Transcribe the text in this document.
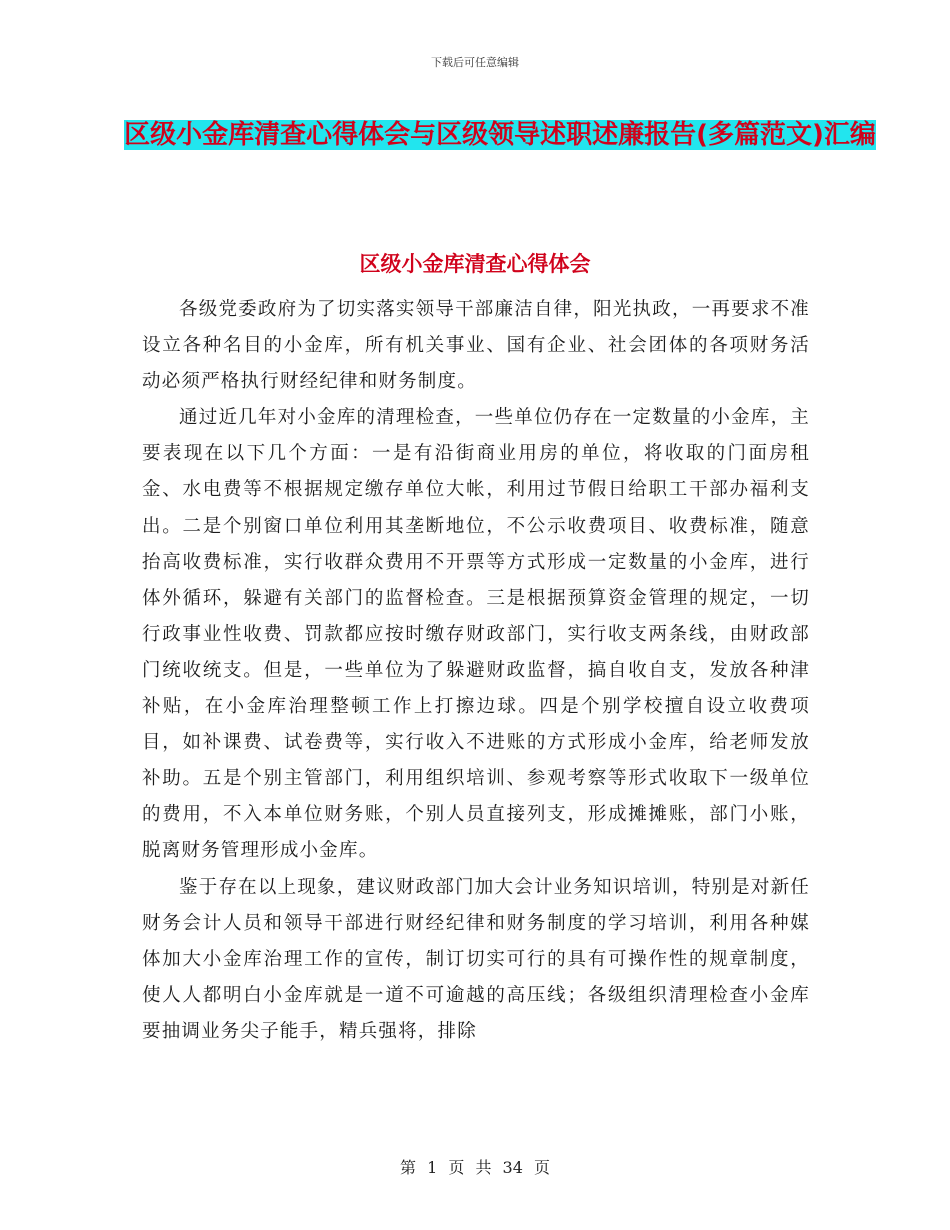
下载后可任意编辑
区级小金库清查心得体会与区级领导述职述廉报告(多篇范文)汇编
区级小金库清查心得体会

各级党委政府为了切实落实领导干部廉洁自律，阳光执政，一再要求不准设立各种名目的小金库，所有机关事业、国有企业、社会团体的各项财务活动必须严格执行财经纪律和财务制度。

通过近几年对小金库的清理检查，一些单位仍存在一定数量的小金库，主要表现在以下几个方面：一是有沿街商业用房的单位，将收取的门面房租金、水电费等不根据规定缴存单位大帐，利用过节假日给职工干部办福利支出。二是个别窗口单位利用其垄断地位，不公示收费项目、收费标准，随意抬高收费标准，实行收群众费用不开票等方式形成一定数量的小金库，进行体外循环，躲避有关部门的监督检查。三是根据预算资金管理的规定，一切行政事业性收费、罚款都应按时缴存财政部门，实行收支两条线，由财政部门统收统支。但是，一些单位为了躲避财政监督，搞自收自支，发放各种津补贴，在小金库治理整顿工作上打擦边球。四是个别学校擅自设立收费项目，如补课费、试卷费等，实行收入不进账的方式形成小金库，给老师发放补助。五是个别主管部门，利用组织培训、参观考察等形式收取下一级单位的费用，不入本单位财务账，个别人员直接列支，形成摊摊账，部门小账，脱离财务管理形成小金库。

鉴于存在以上现象，建议财政部门加大会计业务知识培训，特别是对新任财务会计人员和领导干部进行财经纪律和财务制度的学习培训，利用各种媒体加大小金库治理工作的宣传，制订切实可行的具有可操作性的规章制度，使人人都明白小金库就是一道不可逾越的高压线；各级组织清理检查小金库要抽调业务尖子能手，精兵强将，排除

第 1 页 共 34 页
